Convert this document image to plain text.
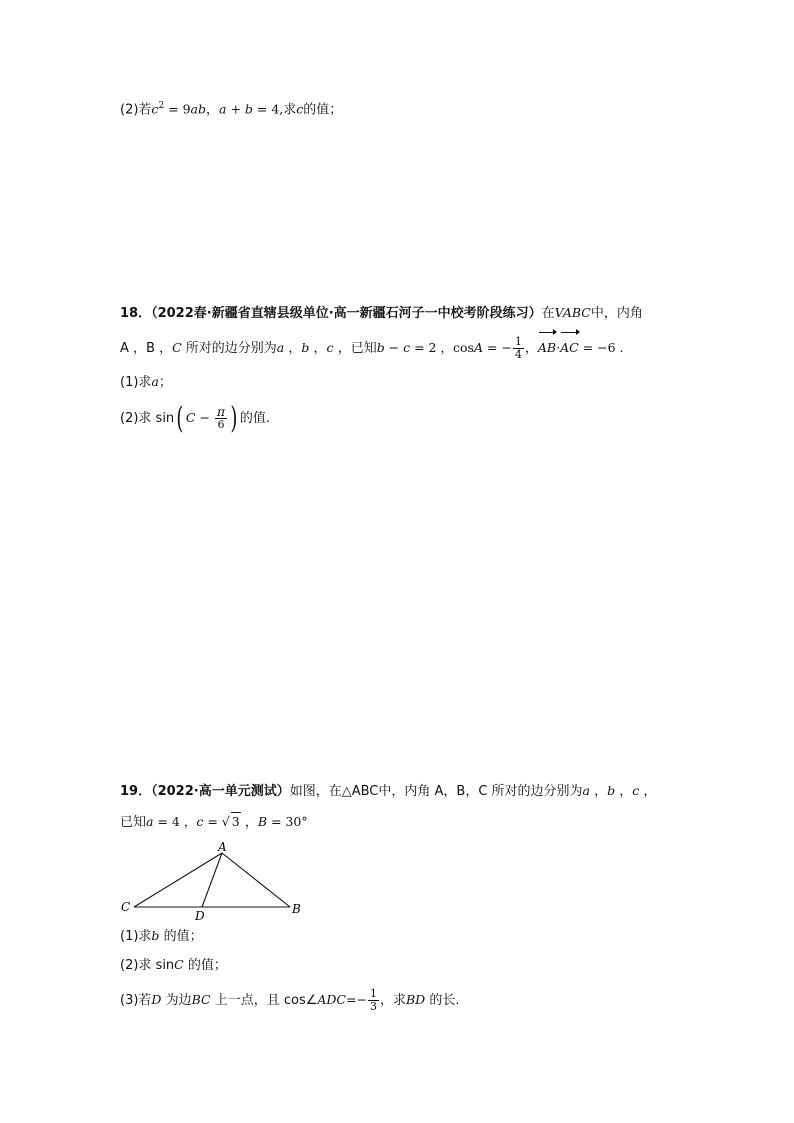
(2)若$c^2 = 9ab$，a + b = 4,求c的值；
18．（2022春·新疆省直辖县级单位·高一新疆石河子一中校考阶段练习）在VABC中，内角
A ，B ，C 所对的边分别为a ，b ，c ，已知b − c = 2 ，cosA = − $\frac{1}{4}$ ，AB·AC = −6 .
(1)求a；
(2)求 sin( $C - \frac{\pi}{6}$ ) 的值.
19．（2022·高一单元测试）如图，在△ABC中，内角 A，B，C 所对的边分别为a ，b ，c ，
已知a = 4 ，c = √ 3 ，B = 30°
A
B
C
D
(1)求b 的值；
(2)求 sinC 的值；
(3)若D 为边BC 上一点，且 cos∠ADC=− $\frac{1}{3}$ ，求BD 的长.
